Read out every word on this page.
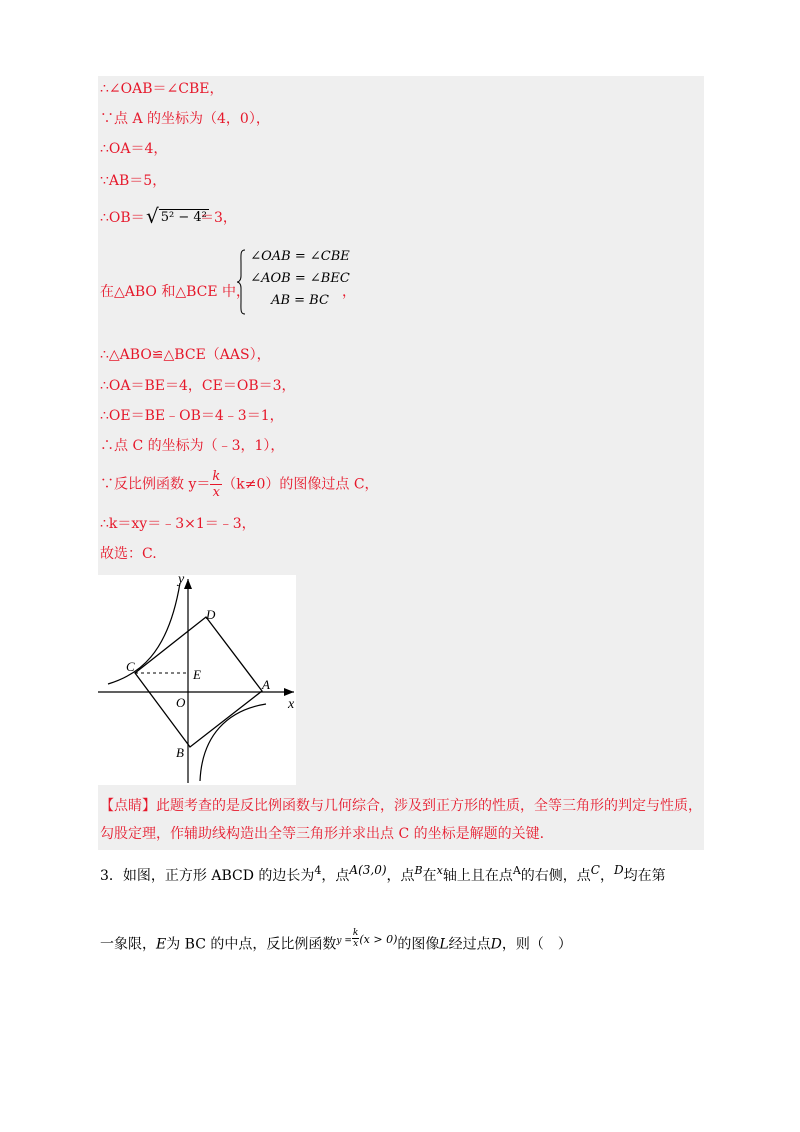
∴∠OAB＝∠CBE，
∵点 A 的坐标为（4，0），
∴OA＝4，
∵AB＝5，
∴OB＝ √ 5² − 4²
＝3，
在△ABO 和△BCE 中，
∠OAB = ∠CBE
∠AOB = ∠BEC
AB = BC
，
∴△ABO≌△BCE（AAS），
∴OA＝BE＝4，CE＝OB＝3，
∴OE＝BE﹣OB＝4﹣3＝1，
∴点 C 的坐标为（﹣3，1），
∵反比例函数 $y= \frac{k}{x} (k\ne 0)$的图像过点 C，
∴k＝xy＝﹣3×1＝﹣3，
故选：C.
y
x
O
A
B
C
D
E
【点睛】此题考查的是反比例函数与几何综合，涉及到正方形的性质，全等三角形的判定与性质，勾股定理，作辅助线构造出全等三角形并求出点 C 的坐标是解题的关键.
3．如图，正方形 ABCD 的边长为$^4$，点A(3,0)，点$^B$在$^x$轴上且在点$^A$的右侧，点C，D均在第
一象限，E为 BC 的中点，反比例函数$^{y =} \frac{k}{x} ^{(x > 0)}$的图像L经过点D，则（　）
